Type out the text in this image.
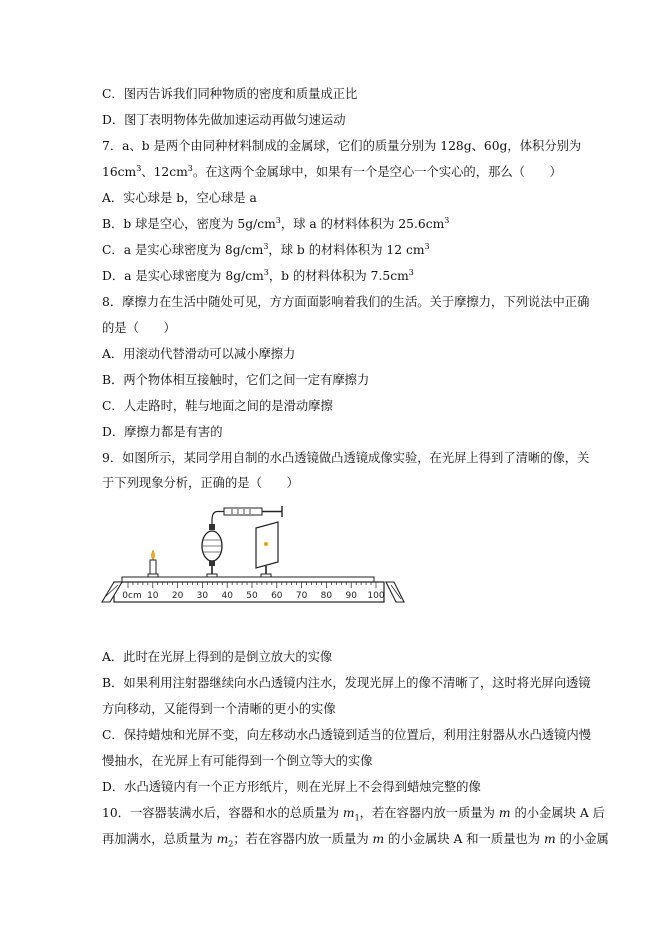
C．图丙告诉我们同种物质的密度和质量成正比
D．图丁表明物体先做加速运动再做匀速运动
7．a、b 是两个由同种材料制成的金属球，它们的质量分别为 128g、60g，体积分别为
$16cm^3$、$12cm^3$。在这两个金属球中，如果有一个是空心一个实心的，那么（　　）
A．实心球是 b，空心球是 a
B．b 球是空心，密度为 $5g/cm^3$，球 a 的材料体积为 $25.6cm^3$
C．a 是实心球密度为 $8g/cm^3$，球 b 的材料体积为 12 $cm^3$
D．a 是实心球密度为 $8g/cm^3$，b 的材料体积为 $7.5cm^3$
8．摩擦力在生活中随处可见，方方面面影响着我们的生活。关于摩擦力，下列说法中正确
的是（　　）
A．用滚动代替滑动可以减小摩擦力
B．两个物体相互接触时，它们之间一定有摩擦力
C．人走路时，鞋与地面之间的是滑动摩擦
D．摩擦力都是有害的
9．如图所示，某同学用自制的水凸透镜做凸透镜成像实验，在光屏上得到了清晰的像，关
于下列现象分析，正确的是（　　）
0cm 10 20 30 40 50 60 70 80 90 100
A．此时在光屏上得到的是倒立放大的实像
B．如果利用注射器继续向水凸透镜内注水，发现光屏上的像不清晰了，这时将光屏向透镜
方向移动，又能得到一个清晰的更小的实像
C．保持蜡烛和光屏不变，向左移动水凸透镜到适当的位置后，利用注射器从水凸透镜内慢
慢抽水，在光屏上有可能得到一个倒立等大的实像
D．水凸透镜内有一个正方形纸片，则在光屏上不会得到蜡烛完整的像
10．一容器装满水后，容器和水的总质量为 $m_1$，若在容器内放一质量为 m 的小金属块 A 后
再加满水，总质量为 $m_2$；若在容器内放一质量为 m 的小金属块 A 和一质量也为 m 的小金属
